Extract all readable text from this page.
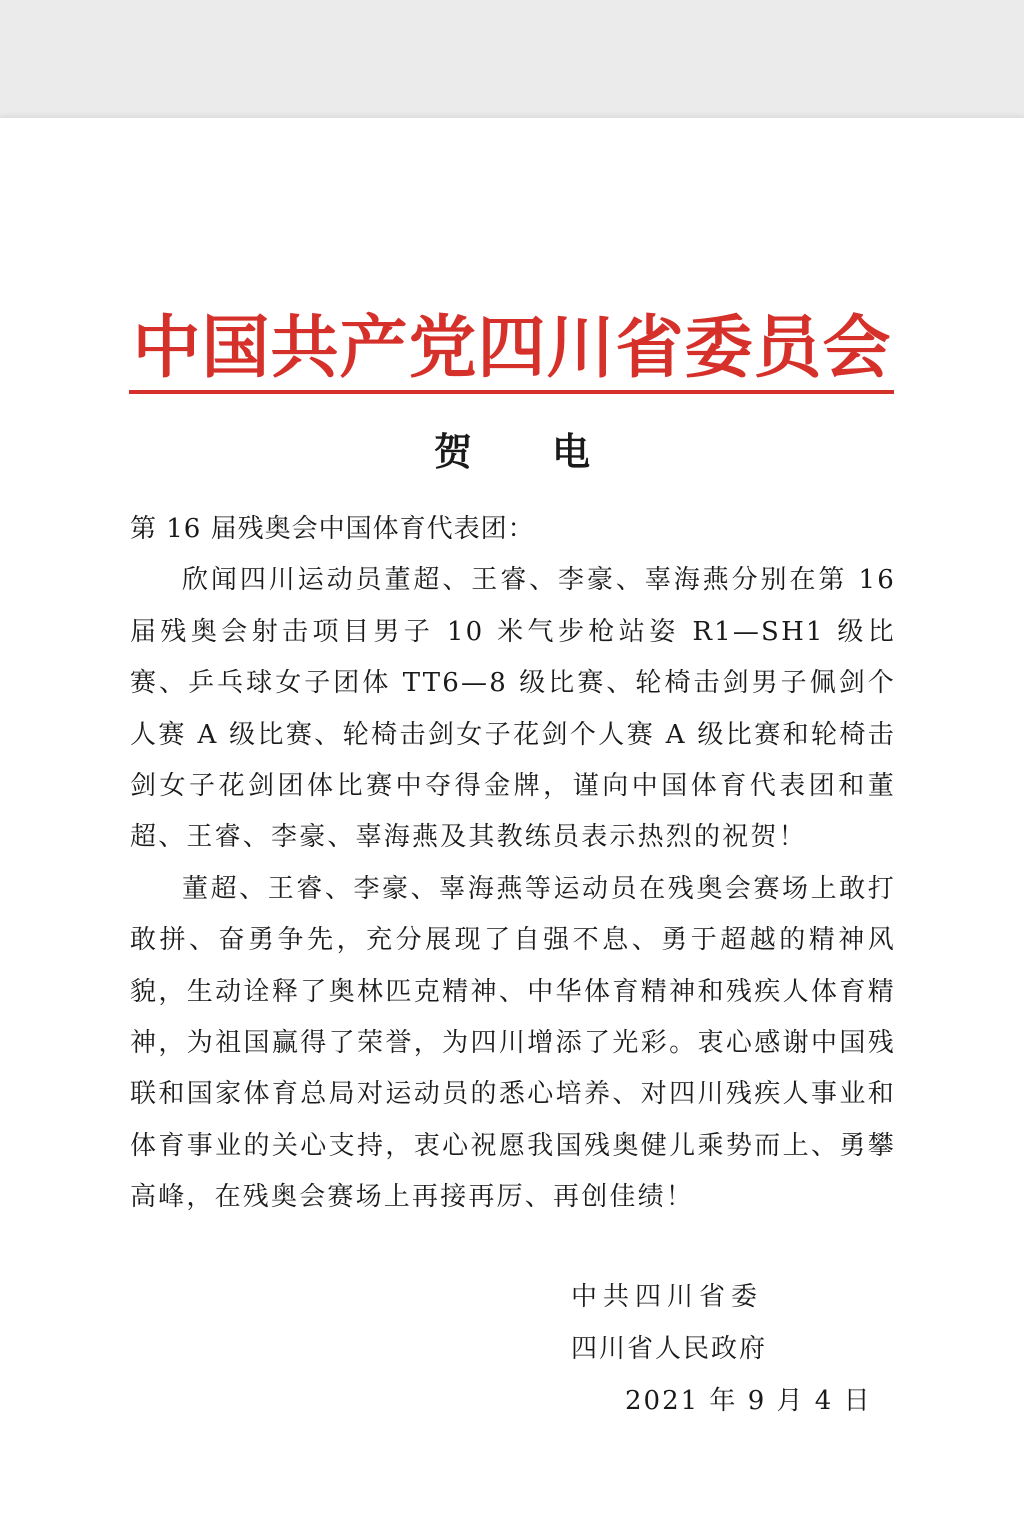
中国共产党四川省委员会
贺电

第 16 届残奥会中国体育代表团：

欣闻四川运动员董超、王睿、李豪、辜海燕分别在第 16 届残奥会射击项目男子 10 米气步枪站姿 R1—SH1 级比赛、乒乓球女子团体 TT6—8 级比赛、轮椅击剑男子佩剑个人赛 A 级比赛、轮椅击剑女子花剑个人赛 A 级比赛和轮椅击剑女子花剑团体比赛中夺得金牌，谨向中国体育代表团和董超、王睿、李豪、辜海燕及其教练员表示热烈的祝贺！

董超、王睿、李豪、辜海燕等运动员在残奥会赛场上敢打敢拼、奋勇争先，充分展现了自强不息、勇于超越的精神风貌，生动诠释了奥林匹克精神、中华体育精神和残疾人体育精神，为祖国赢得了荣誉，为四川增添了光彩。衷心感谢中国残联和国家体育总局对运动员的悉心培养、对四川残疾人事业和体育事业的关心支持，衷心祝愿我国残奥健儿乘势而上、勇攀高峰，在残奥会赛场上再接再厉、再创佳绩！

中共四川省委
四川省人民政府
2021 年 9 月 4 日
